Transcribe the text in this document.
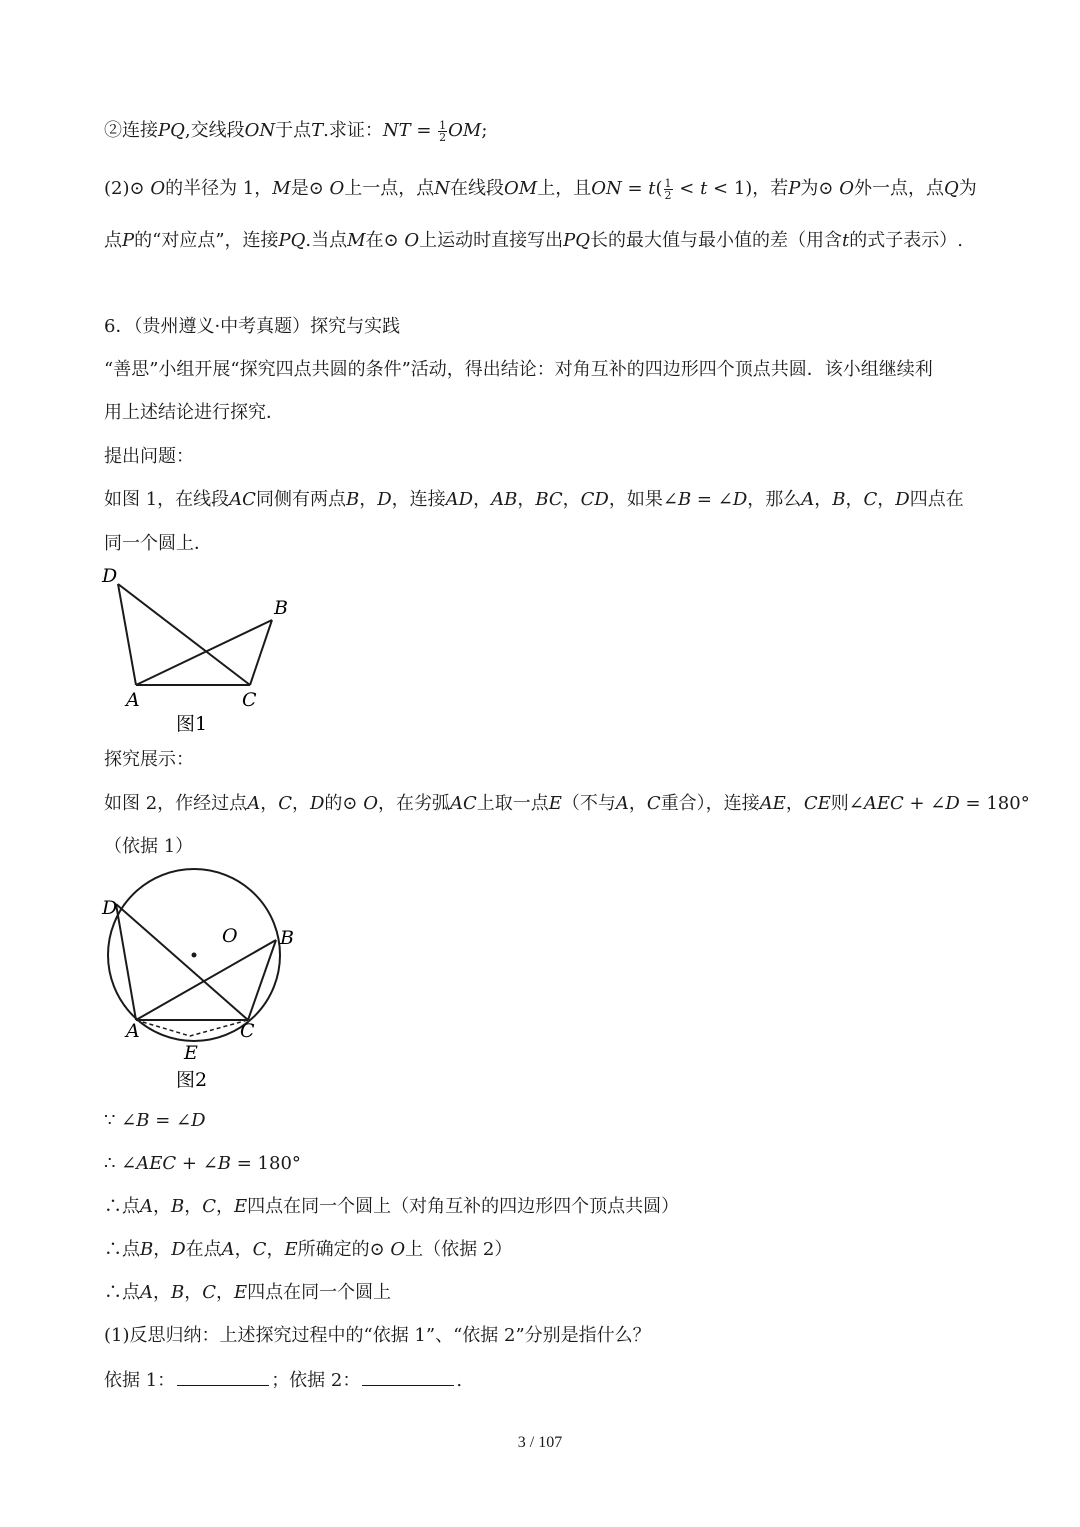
②连接PQ,交线段ON于点T.求证：NT = $\frac{1}{2}$ OM;
(2)⊙ O的半径为 1，M是⊙ O上一点，点N在线段OM上，且ON = $t( \frac{1}{2} < t < 1)$，若P为⊙ O外一点，点Q为
点P的“对应点”，连接PQ.当点M在⊙ O上运动时直接写出PQ长的最大值与最小值的差（用含t的式子表示）.
6．（贵州遵义·中考真题）探究与实践
“善思”小组开展“探究四点共圆的条件”活动，得出结论：对角互补的四边形四个顶点共圆．该小组继续利
用上述结论进行探究．
提出问题：
如图 1，在线段AC同侧有两点B，D，连接AD，AB，BC，CD，如果∠B = ∠D，那么A，B，C，D四点在
同一个圆上．
D
B
A	C
图1
探究展示：
如图 2，作经过点A，C，D的⊙ O，在劣弧AC上取一点E（不与A，C重合），连接AE，CE则∠AEC + ∠D = 180°
（依据 1）
D
O B
A	C
E
图2
∵ ∠B = ∠D
∴ ∠AEC + ∠B = 180°
∴点A，B，C，E四点在同一个圆上（对角互补的四边形四个顶点共圆）
∴点B，D在点A，C，E所确定的⊙ O上（依据 2）
∴点A，B，C，E四点在同一个圆上
(1)反思归纳：上述探究过程中的“依据 1”、“依据 2”分别是指什么？
依据 1：	；依据 2：	.
3 / 107
